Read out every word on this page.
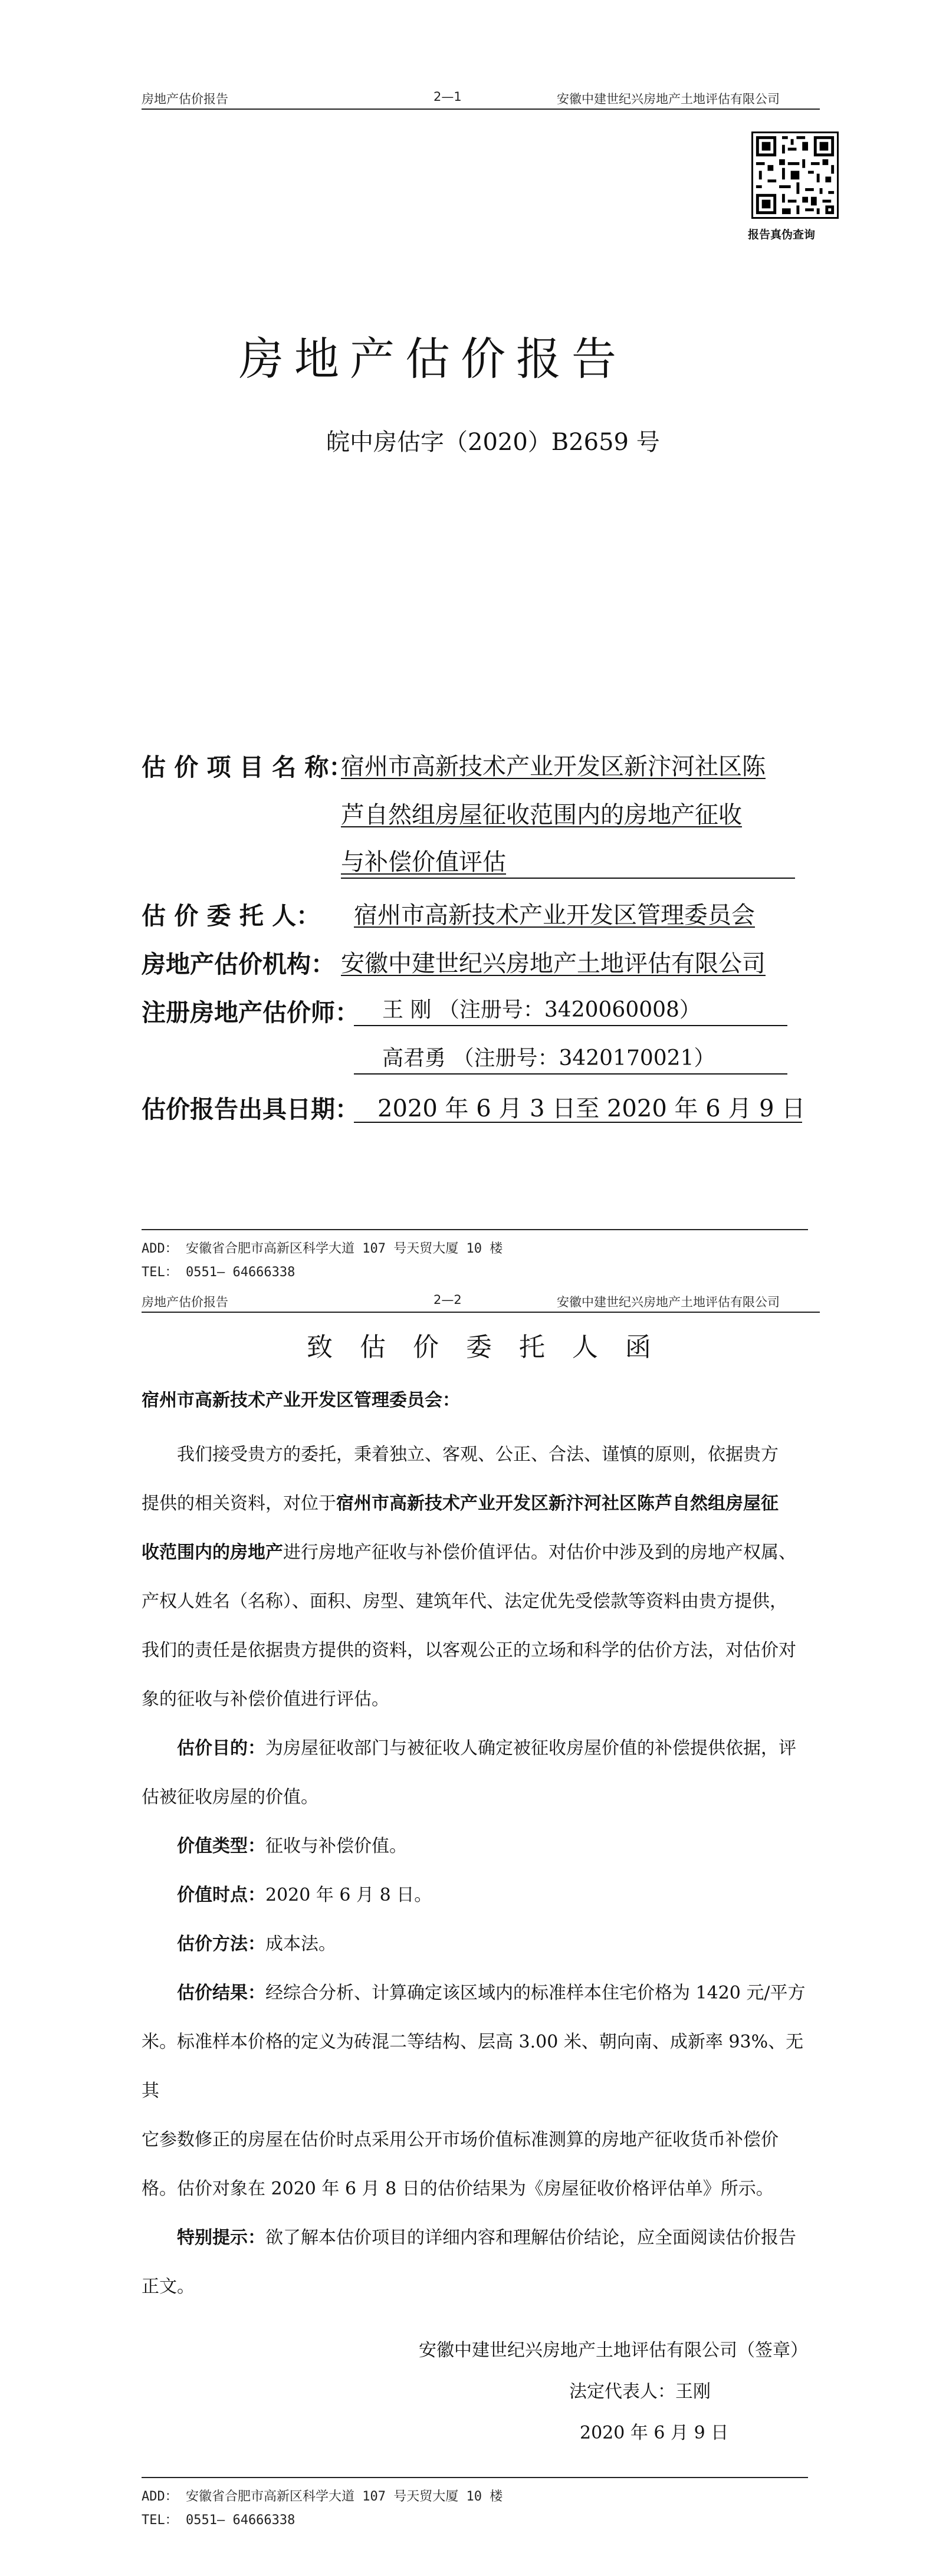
房地产估价报告	2—1	安徽中建世纪兴房地产土地评估有限公司
报告真伪查询
房地产估价报告
皖中房估字（2020）B2659 号
估 价 项 目 名 称：
宿州市高新技术产业开发区新汴河社区陈
芦自然组房屋征收范围内的房地产征收
与补偿价值评估
估 价 委 托 人： 宿州市高新技术产业开发区管理委员会
房地产估价机构： 安徽中建世纪兴房地产土地评估有限公司
注册房地产估价师： 王 刚 （注册号：3420060008）
高君勇 （注册号：3420170021）
估价报告出具日期： 2020 年 6 月 3 日至 2020 年 6 月 9 日
ADD： 安徽省合肥市高新区科学大道 107 号天贸大厦 10 楼
TEL： 0551— 64666338
房地产估价报告	2—2	安徽中建世纪兴房地产土地评估有限公司
致 估 价 委 托 人 函
宿州市高新技术产业开发区管理委员会：
我们接受贵方的委托，秉着独立、客观、公正、合法、谨慎的原则，依据贵方
提供的相关资料，对位于宿州市高新技术产业开发区新汴河社区陈芦自然组房屋征
收范围内的房地产进行房地产征收与补偿价值评估。对估价中涉及到的房地产权属、
产权人姓名（名称）、面积、房型、建筑年代、法定优先受偿款等资料由贵方提供，
我们的责任是依据贵方提供的资料，以客观公正的立场和科学的估价方法，对估价对
象的征收与补偿价值进行评估。
估价目的：为房屋征收部门与被征收人确定被征收房屋价值的补偿提供依据，评
估被征收房屋的价值。
价值类型：征收与补偿价值。
价值时点：2020 年 6 月 8 日。
估价方法：成本法。
估价结果：经综合分析、计算确定该区域内的标准样本住宅价格为 1420 元/平方
米。标准样本价格的定义为砖混二等结构、层高 3.00 米、朝向南、成新率 93%、无其
它参数修正的房屋在估价时点采用公开市场价值标准测算的房地产征收货币补偿价
格。估价对象在 2020 年 6 月 8 日的估价结果为《房屋征收价格评估单》所示。
特别提示：欲了解本估价项目的详细内容和理解估价结论，应全面阅读估价报告
正文。
安徽中建世纪兴房地产土地评估有限公司（签章）
法定代表人：王刚
2020 年 6 月 9 日
ADD： 安徽省合肥市高新区科学大道 107 号天贸大厦 10 楼
TEL： 0551— 64666338
